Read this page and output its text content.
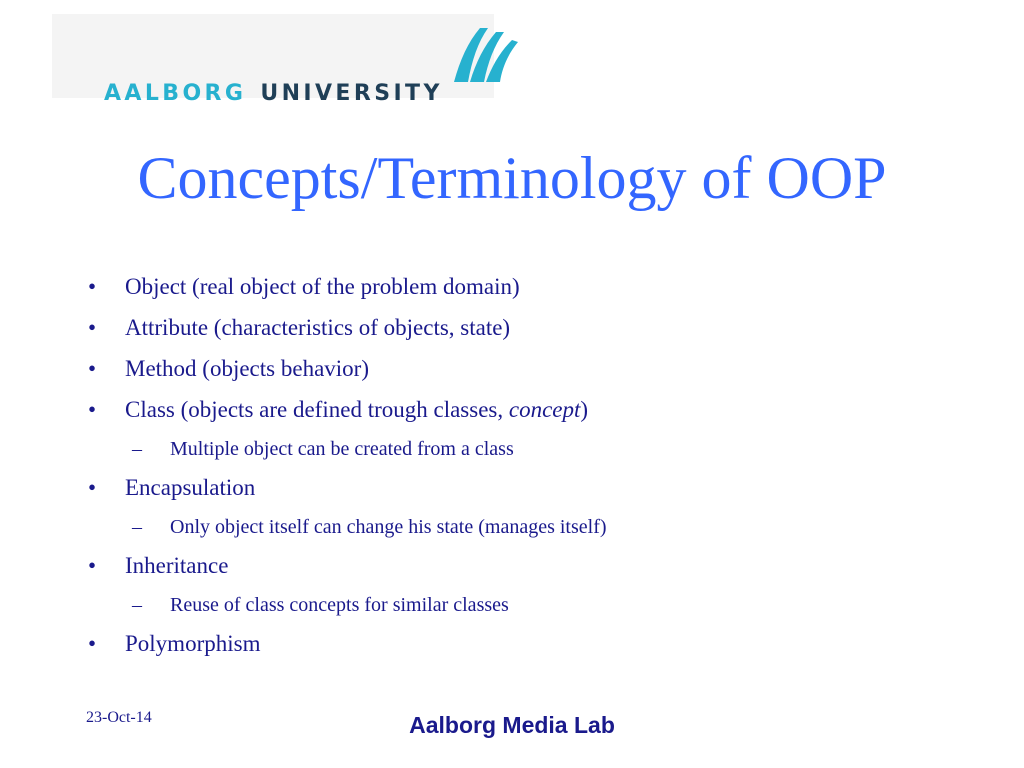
AALBORG UNIVERSITY
Concepts/Terminology of OOP
• Object (real object of the problem domain)
• Attribute (characteristics of objects, state)
• Method (objects behavior)
• Class (objects are defined trough classes, concept)
– Multiple object can be created from a class
• Encapsulation
– Only object itself can change his state (manages itself)
• Inheritance
– Reuse of class concepts for similar classes
• Polymorphism
23-Oct-14	Aalborg Media Lab
